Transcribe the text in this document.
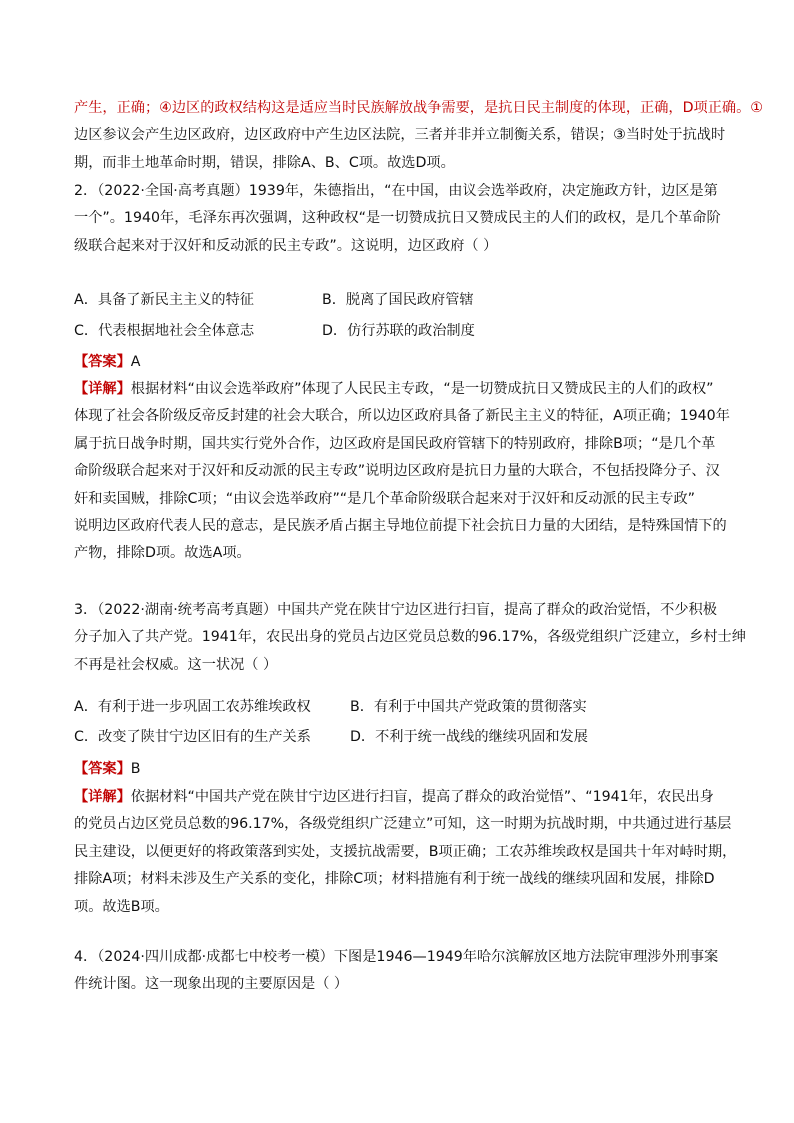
产生，正确；④边区的政权结构这是适应当时民族解放战争需要，是抗日民主制度的体现，正确，D项正确。①
边区参议会产生边区政府，边区政府中产生边区法院，三者并非并立制衡关系，错误；③当时处于抗战时
期，而非土地革命时期，错误，排除A、B、C项。故选D项。
2．（2022·全国·高考真题）1939年，朱德指出，“在中国，由议会选举政府，决定施政方针，边区是第
一个”。1940年，毛泽东再次强调，这种政权“是一切赞成抗日又赞成民主的人们的政权，是几个革命阶
级联合起来对于汉奸和反动派的民主专政”。这说明，边区政府（ ）
A．具备了新民主主义的特征	B．脱离了国民政府管辖
C．代表根据地社会全体意志	D．仿行苏联的政治制度
【答案】A
【详解】根据材料“由议会选举政府”体现了人民民主专政，“是一切赞成抗日又赞成民主的人们的政权”
体现了社会各阶级反帝反封建的社会大联合，所以边区政府具备了新民主主义的特征，A项正确；1940年
属于抗日战争时期，国共实行党外合作，边区政府是国民政府管辖下的特别政府，排除B项；“是几个革
命阶级联合起来对于汉奸和反动派的民主专政”说明边区政府是抗日力量的大联合，不包括投降分子、汉
奸和卖国贼，排除C项；“由议会选举政府”“是几个革命阶级联合起来对于汉奸和反动派的民主专政”
说明边区政府代表人民的意志，是民族矛盾占据主导地位前提下社会抗日力量的大团结，是特殊国情下的
产物，排除D项。故选A项。
3．（2022·湖南·统考高考真题）中国共产党在陕甘宁边区进行扫盲，提高了群众的政治觉悟，不少积极
分子加入了共产党。1941年，农民出身的党员占边区党员总数的96.17%，各级党组织广泛建立，乡村士绅
不再是社会权威。这一状况（ ）
A．有利于进一步巩固工农苏维埃政权	B．有利于中国共产党政策的贯彻落实
C．改变了陕甘宁边区旧有的生产关系	D．不利于统一战线的继续巩固和发展
【答案】B
【详解】依据材料“中国共产党在陕甘宁边区进行扫盲，提高了群众的政治觉悟”、“1941年，农民出身
的党员占边区党员总数的96.17%，各级党组织广泛建立”可知，这一时期为抗战时期，中共通过进行基层
民主建设，以便更好的将政策落到实处，支援抗战需要，B项正确；工农苏维埃政权是国共十年对峙时期，
排除A项；材料未涉及生产关系的变化，排除C项；材料措施有利于统一战线的继续巩固和发展，排除D
项。故选B项。
4．（2024·四川成都·成都七中校考一模）下图是1946—1949年哈尔滨解放区地方法院审理涉外刑事案
件统计图。这一现象出现的主要原因是（ ）
